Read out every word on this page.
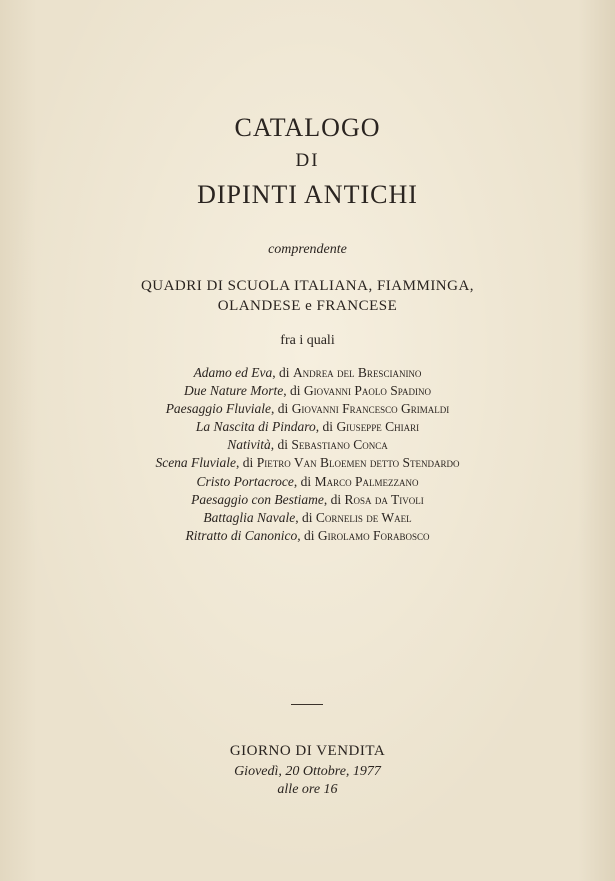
CATALOGO
DI
DIPINTI ANTICHI
comprendente
QUADRI DI SCUOLA ITALIANA, FIAMMINGA,
OLANDESE e FRANCESE
fra i quali
Adamo ed Eva, di Andrea del Brescianino
Due Nature Morte, di Giovanni Paolo Spadino
Paesaggio Fluviale, di Giovanni Francesco Grimaldi
La Nascita di Pindaro, di Giuseppe Chiari
Natività, di Sebastiano Conca
Scena Fluviale, di Pietro Van Bloemen detto Stendardo
Cristo Portacroce, di Marco Palmezzano
Paesaggio con Bestiame, di Rosa da Tivoli
Battaglia Navale, di Cornelis de Wael
Ritratto di Canonico, di Girolamo Forabosco
GIORNO DI VENDITA
Giovedì, 20 Ottobre, 1977
alle ore 16
